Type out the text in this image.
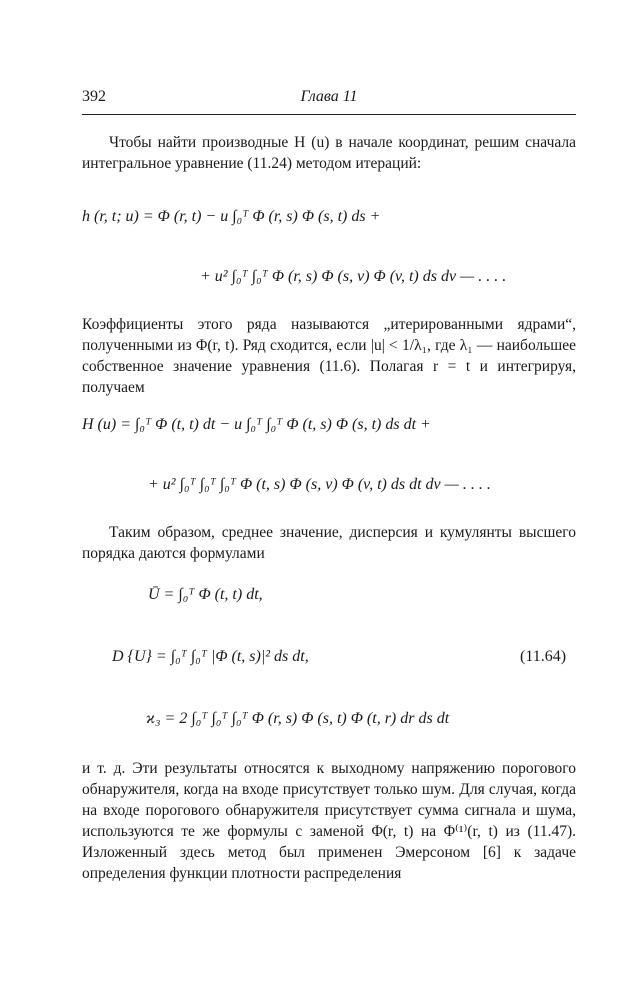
392	Глава 11

Чтобы найти производные H (u) в начале координат, решим сначала интегральное уравнение (11.24) методом итераций:

h (r, t; u) = Φ (r, t) − u ∫₀ᵀ Φ (r, s) Φ (s, t) ds +
+ u² ∫₀ᵀ ∫₀ᵀ Φ (r, s) Φ (s, v) Φ (v, t) ds dv — . . . .

Коэффициенты этого ряда называются „итерированными ядрами“, полученными из Φ(r, t). Ряд сходится, если |u| < 1/λ₁, где λ₁ — наибольшее собственное значение уравнения (11.6). Полагая r = t и интегрируя, получаем

H (u) = ∫₀ᵀ Φ (t, t) dt − u ∫₀ᵀ ∫₀ᵀ Φ (t, s) Φ (s, t) ds dt +
+ u² ∫₀ᵀ ∫₀ᵀ ∫₀ᵀ Φ (t, s) Φ (s, v) Φ (v, t) ds dt dv — . . . .

Таким образом, среднее значение, дисперсия и кумулянты высшего порядка даются формулами

Ū = ∫₀ᵀ Φ (t, t) dt,
D {U} = ∫₀ᵀ ∫₀ᵀ |Φ (t, s)|² ds dt,	(11.64)
ϰ₃ = 2 ∫₀ᵀ ∫₀ᵀ ∫₀ᵀ Φ (r, s) Φ (s, t) Φ (t, r) dr ds dt

и т. д. Эти результаты относятся к выходному напряжению порогового обнаружителя, когда на входе присутствует только шум. Для случая, когда на входе порогового обнаружителя присутствует сумма сигнала и шума, используются те же формулы с заменой Φ(r, t) на Φ⁽¹⁾(r, t) из (11.47). Изложенный здесь метод был применен Эмерсоном [6] к задаче определения функции плотности распределения
